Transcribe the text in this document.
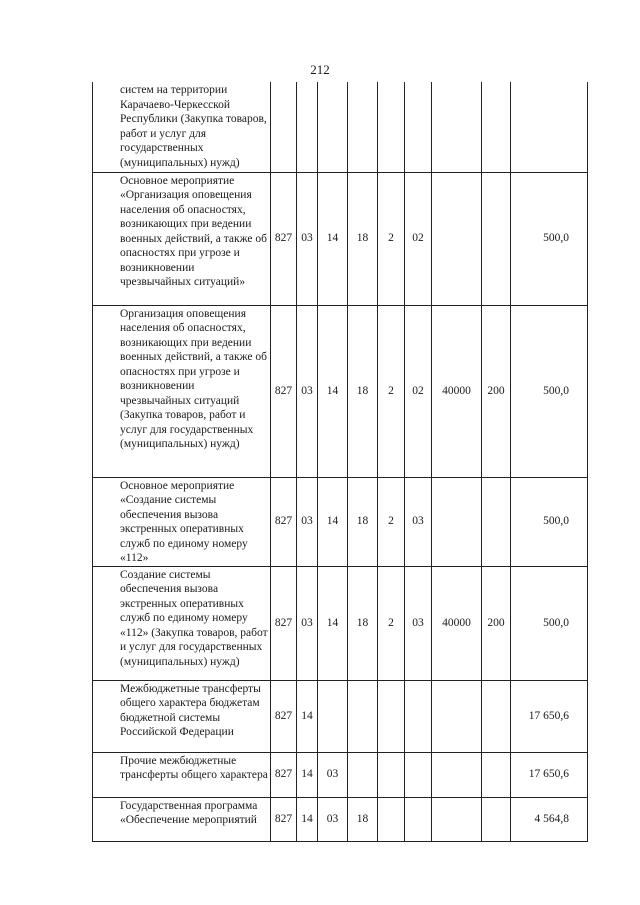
212
систем на территории Карачаево-Черкесской Республики (Закупка товаров, работ и услуг для государственных (муниципальных) нужд)									
Основное мероприятие «Организация оповещения населения об опасностях, возникающих при ведении военных действий, а также об опасностях при угрозе и возникновении чрезвычайных ситуаций»	827	03	14	18	2	02			500,0
Организация оповещения населения об опасностях, возникающих при ведении военных действий, а также об опасностях при угрозе и возникновении чрезвычайных ситуаций (Закупка товаров, работ и услуг для государственных (муниципальных) нужд)	827	03	14	18	2	02	40000	200	500,0
Основное мероприятие «Создание системы обеспечения вызова экстренных оперативных служб по единому номеру «112»	827	03	14	18	2	03			500,0
Создание системы обеспечения вызова экстренных оперативных служб по единому номеру «112» (Закупка товаров, работ и услуг для государственных (муниципальных) нужд)	827	03	14	18	2	03	40000	200	500,0
Межбюджетные трансферты общего характера бюджетам бюджетной системы Российской Федерации	827	14							17 650,6
Прочие межбюджетные трансферты общего характера	827	14	03						17 650,6
Государственная программа «Обеспечение мероприятий	827	14	03	18					4 564,8
